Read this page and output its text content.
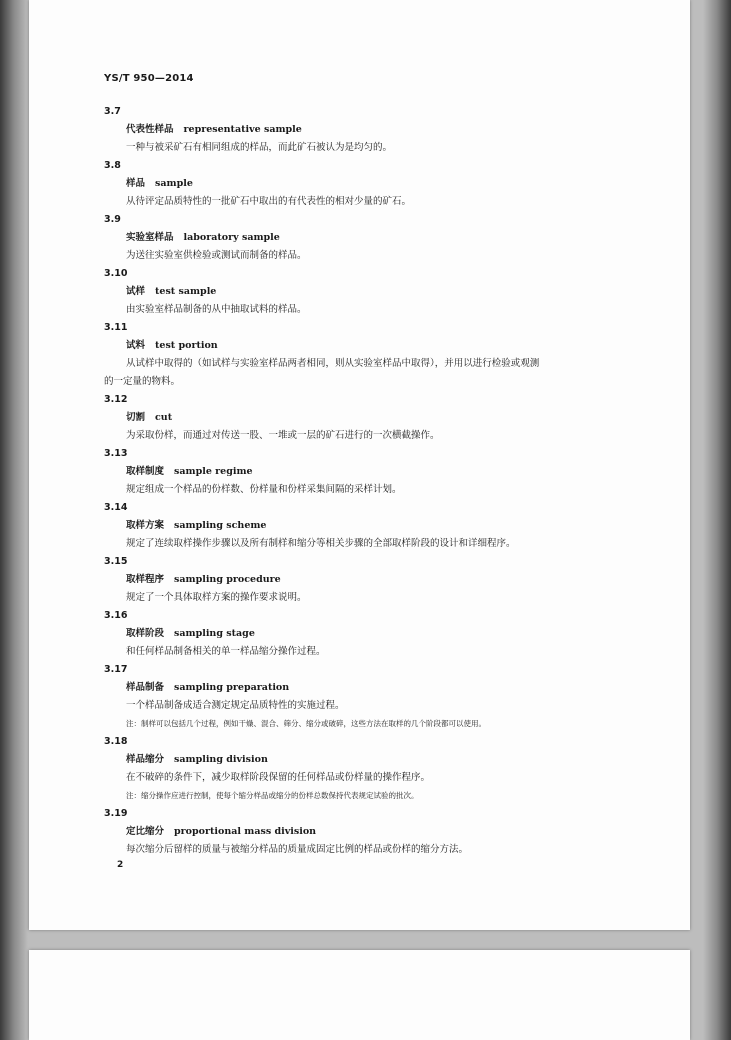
YS/T 950—2014
3.7
代表性样品 representative sample
一种与被采矿石有相同组成的样品，而此矿石被认为是均匀的。
3.8
样品 sample
从待评定品质特性的一批矿石中取出的有代表性的相对少量的矿石。
3.9
实验室样品 laboratory sample
为送往实验室供检验或测试而制备的样品。
3.10
试样 test sample
由实验室样品制备的从中抽取试料的样品。
3.11
试料 test portion
从试样中取得的（如试样与实验室样品两者相同，则从实验室样品中取得），并用以进行检验或观测
的一定量的物料。
3.12
切割 cut
为采取份样，而通过对传送一股、一堆或一层的矿石进行的一次横截操作。
3.13
取样制度 sample regime
规定组成一个样品的份样数、份样量和份样采集间隔的采样计划。
3.14
取样方案 sampling scheme
规定了连续取样操作步骤以及所有制样和缩分等相关步骤的全部取样阶段的设计和详细程序。
3.15
取样程序 sampling procedure
规定了一个具体取样方案的操作要求说明。
3.16
取样阶段 sampling stage
和任何样品制备相关的单一样品缩分操作过程。
3.17
样品制备 sampling preparation
一个样品制备成适合测定规定品质特性的实施过程。
注：制样可以包括几个过程，例如干燥、混合、筛分、缩分或破碎，这些方法在取样的几个阶段都可以使用。
3.18
样品缩分 sampling division
在不破碎的条件下，减少取样阶段保留的任何样品或份样量的操作程序。
注：缩分操作应进行控制，使每个缩分样品或缩分的份样总数保持代表规定试验的批次。
3.19
定比缩分 proportional mass division
每次缩分后留样的质量与被缩分样品的质量成固定比例的样品或份样的缩分方法。
2
